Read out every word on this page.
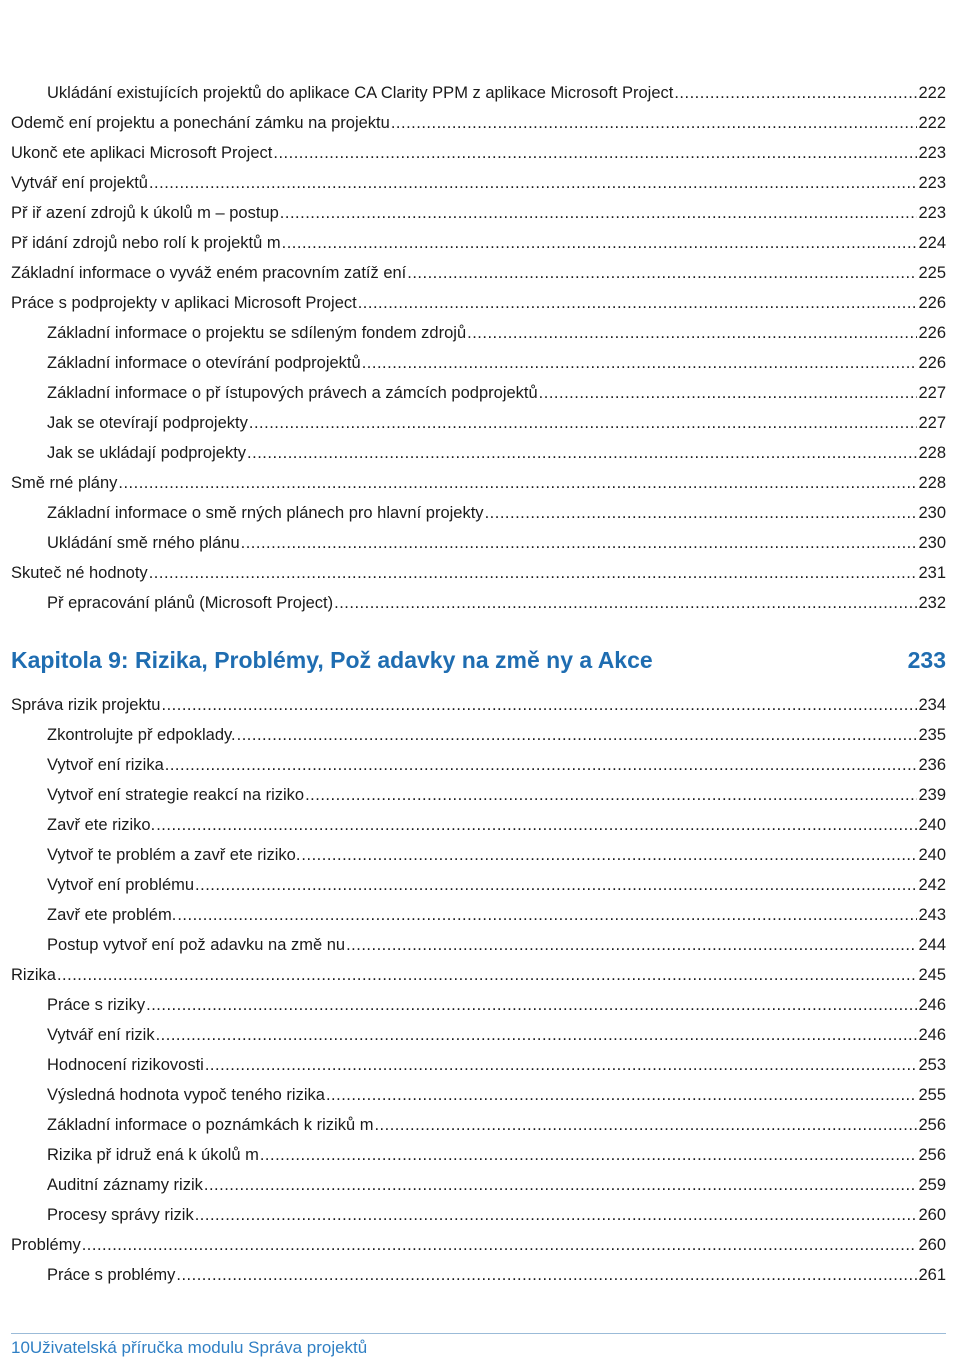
Ukládání existujících projektů do aplikace CA Clarity PPM z aplikace Microsoft Project .....	222
Odemč ení projektu a ponechání zámku na projektu .....	222
Ukonč ete aplikaci Microsoft Project .....	223
Vytvář ení projektů .....	223
Př iř azení zdrojů k úkolů m ‒ postup .....	223
Př idání zdrojů nebo rolí k projektů m .....	224
Základní informace o vyváž eném pracovním zatíž ení .....	225
Práce s podprojekty v aplikaci Microsoft Project .....	226
Základní informace o projektu se sdíleným fondem zdrojů .....	226
Základní informace o otevírání podprojektů .....	226
Základní informace o př ístupových právech a zámcích podprojektů .....	227
Jak se otevírají podprojekty .....	227
Jak se ukládají podprojekty .....	228
Smě rné plány .....	228
Základní informace o smě rných plánech pro hlavní projekty .....	230
Ukládání smě rného plánu .....	230
Skuteč né hodnoty .....	231
Př epracování plánů (Microsoft Project) .....	232
Kapitola 9: Rizika, Problémy, Pož adavky na změ ny a Akce	233
Správa rizik projektu .....	234
Zkontrolujte př edpoklady. .....	235
Vytvoř ení rizika .....	236
Vytvoř ení strategie reakcí na riziko .....	239
Zavř ete riziko. .....	240
Vytvoř te problém a zavř ete riziko. .....	240
Vytvoř ení problému .....	242
Zavř ete problém. .....	243
Postup vytvoř ení pož adavku na změ nu .....	244
Rizika .....	245
Práce s riziky .....	246
Vytvář ení rizik .....	246
Hodnocení rizikovosti .....	253
Výsledná hodnota vypoč teného rizika .....	255
Základní informace o poznámkách k riziků m .....	256
Rizika př idruž ená k úkolů m .....	256
Auditní záznamy rizik .....	259
Procesy správy rizik .....	260
Problémy .....	260
Práce s problémy .....	261
10Uživatelská příručka modulu Správa projektů
